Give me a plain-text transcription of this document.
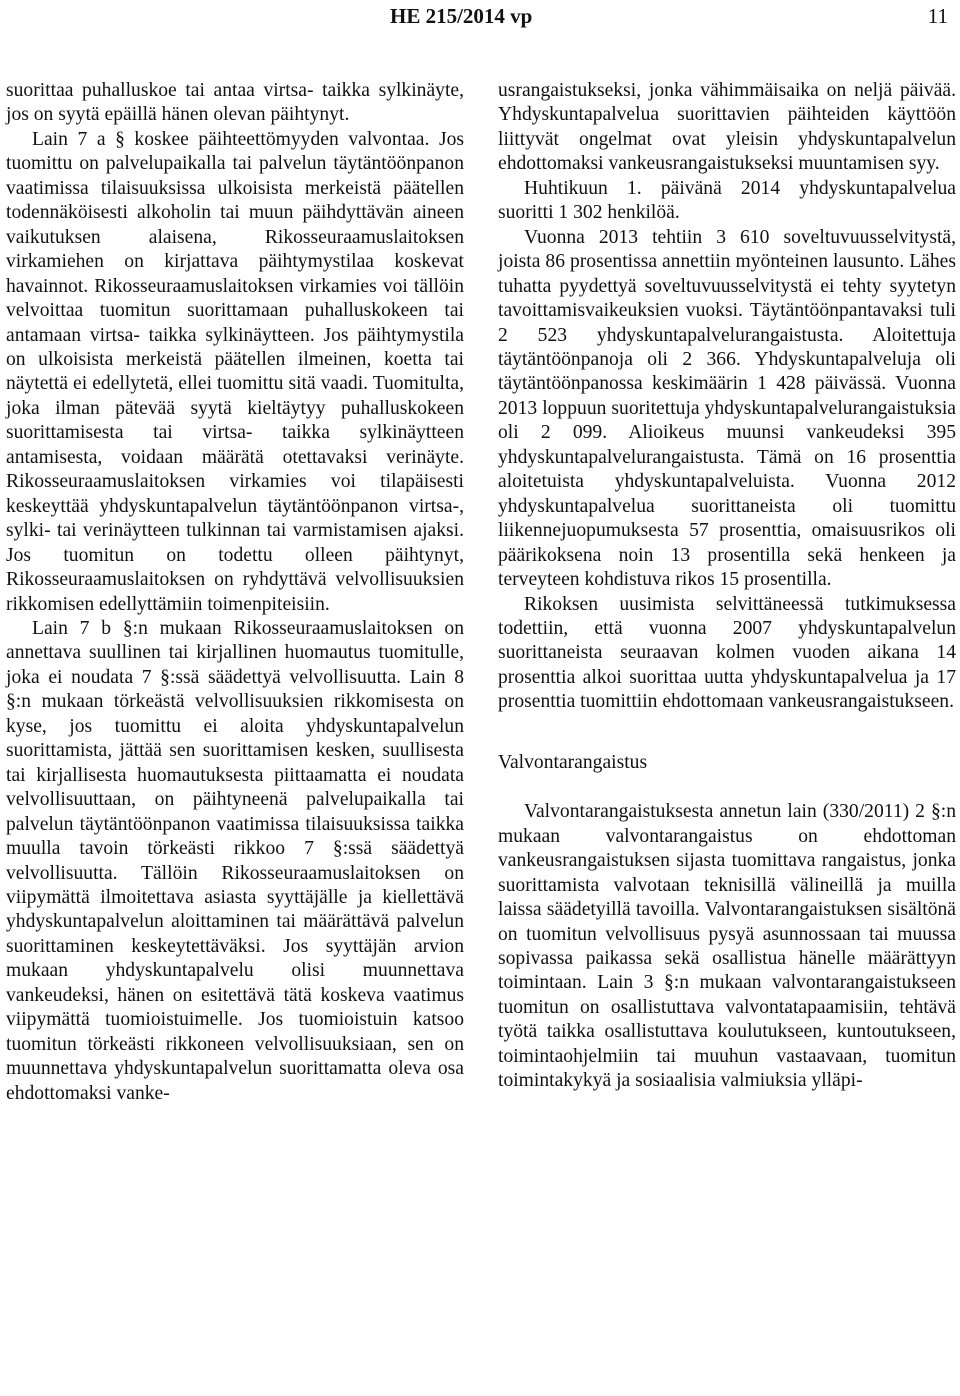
HE 215/2014 vp	11

suorittaa puhalluskoe tai antaa virtsa- taikka sylkinäyte, jos on syytä epäillä hänen olevan päihtynyt.

Lain 7 a § koskee päihteettömyyden valvontaa. Jos tuomittu on palvelupaikalla tai palvelun täytäntöönpanon vaatimissa tilaisuuksissa ulkoisista merkeistä päätellen todennäköisesti alkoholin tai muun päihdyttävän aineen vaikutuksen alaisena, Rikosseuraamuslaitoksen virkamiehen on kirjattava päihtymystilaa koskevat havainnot. Rikosseuraamuslaitoksen virkamies voi tällöin velvoittaa tuomitun suorittamaan puhalluskokeen tai antamaan virtsa- taikka sylkinäytteen. Jos päihtymystila on ulkoisista merkeistä päätellen ilmeinen, koetta tai näytettä ei edellytetä, ellei tuomittu sitä vaadi. Tuomitulta, joka ilman pätevää syytä kieltäytyy puhalluskokeen suorittamisesta tai virtsa- taikka sylkinäytteen antamisesta, voidaan määrätä otettavaksi verinäyte. Rikosseuraamuslaitoksen virkamies voi tilapäisesti keskeyttää yhdyskuntapalvelun täytäntöönpanon virtsa-, sylki- tai verinäytteen tulkinnan tai varmistamisen ajaksi. Jos tuomitun on todettu olleen päihtynyt, Rikosseuraamuslaitoksen on ryhdyttävä velvollisuuksien rikkomisen edellyttämiin toimenpiteisiin.

Lain 7 b §:n mukaan Rikosseuraamuslaitoksen on annettava suullinen tai kirjallinen huomautus tuomitulle, joka ei noudata 7 §:ssä säädettyä velvollisuutta. Lain 8 §:n mukaan törkeästä velvollisuuksien rikkomisesta on kyse, jos tuomittu ei aloita yhdyskuntapalvelun suorittamista, jättää sen suorittamisen kesken, suullisesta tai kirjallisesta huomautuksesta piittaamatta ei noudata velvollisuuttaan, on päihtyneenä palvelupaikalla tai palvelun täytäntöönpanon vaatimissa tilaisuuksissa taikka muulla tavoin törkeästi rikkoo 7 §:ssä säädettyä velvollisuutta. Tällöin Rikosseuraamuslaitoksen on viipymättä ilmoitettava asiasta syyttäjälle ja kiellettävä yhdyskuntapalvelun aloittaminen tai määrättävä palvelun suorittaminen keskeytettäväksi. Jos syyttäjän arvion mukaan yhdyskuntapalvelu olisi muunnettava vankeudeksi, hänen on esitettävä tätä koskeva vaatimus viipymättä tuomioistuimelle. Jos tuomioistuin katsoo tuomitun törkeästi rikkoneen velvollisuuksiaan, sen on muunnettava yhdyskuntapalvelun suorittamatta oleva osa ehdottomaksi vanke-

usrangaistukseksi, jonka vähimmäisaika on neljä päivää. Yhdyskuntapalvelua suorittavien päihteiden käyttöön liittyvät ongelmat ovat yleisin yhdyskuntapalvelun ehdottomaksi vankeusrangaistukseksi muuntamisen syy.

Huhtikuun 1. päivänä 2014 yhdyskuntapalvelua suoritti 1 302 henkilöä.

Vuonna 2013 tehtiin 3 610 soveltuvuusselvitystä, joista 86 prosentissa annettiin myönteinen lausunto. Lähes tuhatta pyydettyä soveltuvuusselvitystä ei tehty syytetyn tavoittamisvaikeuksien vuoksi. Täytäntöönpantavaksi tuli 2 523 yhdyskuntapalvelurangaistusta. Aloitettuja täytäntöönpanoja oli 2 366. Yhdyskuntapalveluja oli täytäntöönpanossa keskimäärin 1 428 päivässä. Vuonna 2013 loppuun suoritettuja yhdyskuntapalvelurangaistuksia oli 2 099. Alioikeus muunsi vankeudeksi 395 yhdyskuntapalvelurangaistusta. Tämä on 16 prosenttia aloitetuista yhdyskuntapalveluista. Vuonna 2012 yhdyskuntapalvelua suorittaneista oli tuomittu liikennejuopumuksesta 57 prosenttia, omaisuusrikos oli päärikoksena noin 13 prosentilla sekä henkeen ja terveyteen kohdistuva rikos 15 prosentilla.

Rikoksen uusimista selvittäneessä tutkimuksessa todettiin, että vuonna 2007 yhdyskuntapalvelun suorittaneista seuraavan kolmen vuoden aikana 14 prosenttia alkoi suorittaa uutta yhdyskuntapalvelua ja 17 prosenttia tuomittiin ehdottomaan vankeusrangaistukseen.

Valvontarangaistus

Valvontarangaistuksesta annetun lain (330/2011) 2 §:n mukaan valvontarangaistus on ehdottoman vankeusrangaistuksen sijasta tuomittava rangaistus, jonka suorittamista valvotaan teknisillä välineillä ja muilla laissa säädetyillä tavoilla. Valvontarangaistuksen sisältönä on tuomitun velvollisuus pysyä asunnossaan tai muussa sopivassa paikassa sekä osallistua hänelle määrättyyn toimintaan. Lain 3 §:n mukaan valvontarangaistukseen tuomitun on osallistuttava valvontatapaamisiin, tehtävä työtä taikka osallistuttava koulutukseen, kuntoutukseen, toimintaohjelmiin tai muuhun vastaavaan, tuomitun toimintakykyä ja sosiaalisia valmiuksia ylläpi-
